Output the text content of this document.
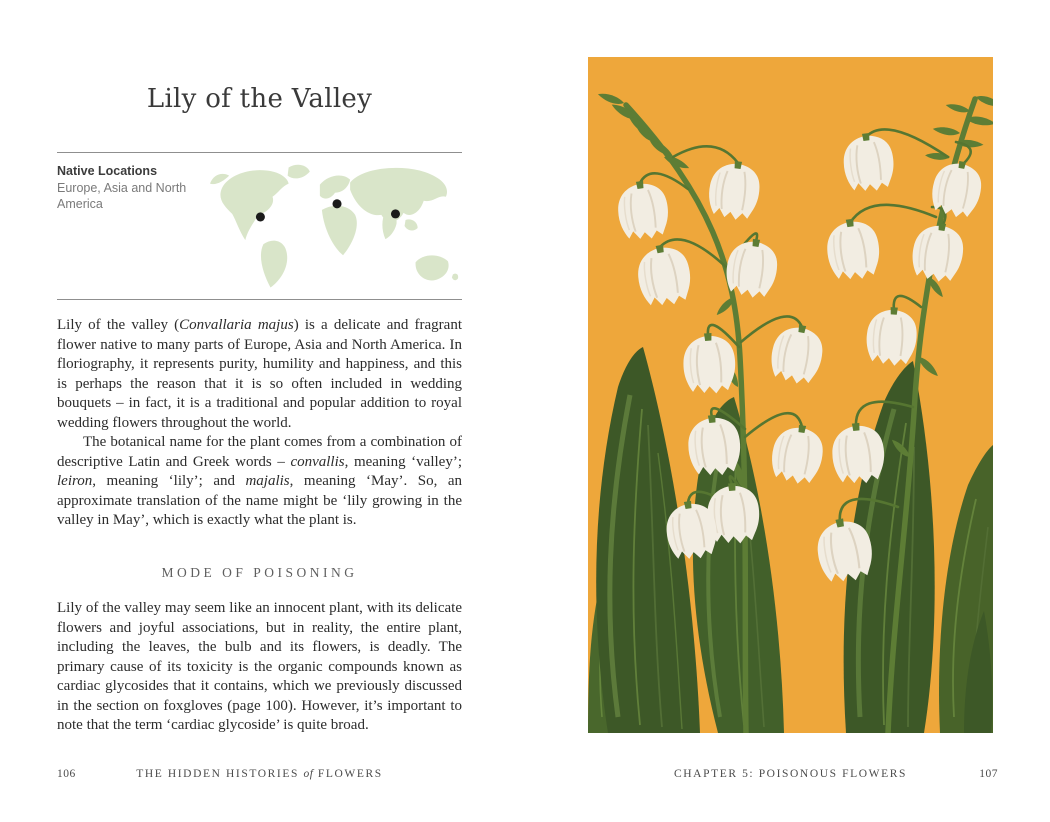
Lily of the Valley
Native Locations
Europe, Asia and North America

Lily of the valley (Convallaria majus) is a delicate and fragrant flower native to many parts of Europe, Asia and North America. In floriography, it represents purity, humility and happiness, and this is perhaps the reason that it is so often included in wedding bouquets – in fact, it is a traditional and popular addition to royal wedding flowers throughout the world.

The botanical name for the plant comes from a combination of descriptive Latin and Greek words – convallis, meaning ‘valley’; leiron, meaning ‘lily’; and majalis, meaning ‘May’. So, an approximate translation of the name might be ‘lily growing in the valley in May’, which is exactly what the plant is.

MODE OF POISONING

Lily of the valley may seem like an innocent plant, with its delicate flowers and joyful associations, but in reality, the entire plant, including the leaves, the bulb and its flowers, is deadly. The primary cause of its toxicity is the organic compounds known as cardiac glycosides that it contains, which we previously discussed in the section on foxgloves (page 100). However, it’s important to note that the term ‘cardiac glycoside’ is quite broad.

106	THE HIDDEN HISTORIES of FLOWERS	CHAPTER 5: POISONOUS FLOWERS	107
